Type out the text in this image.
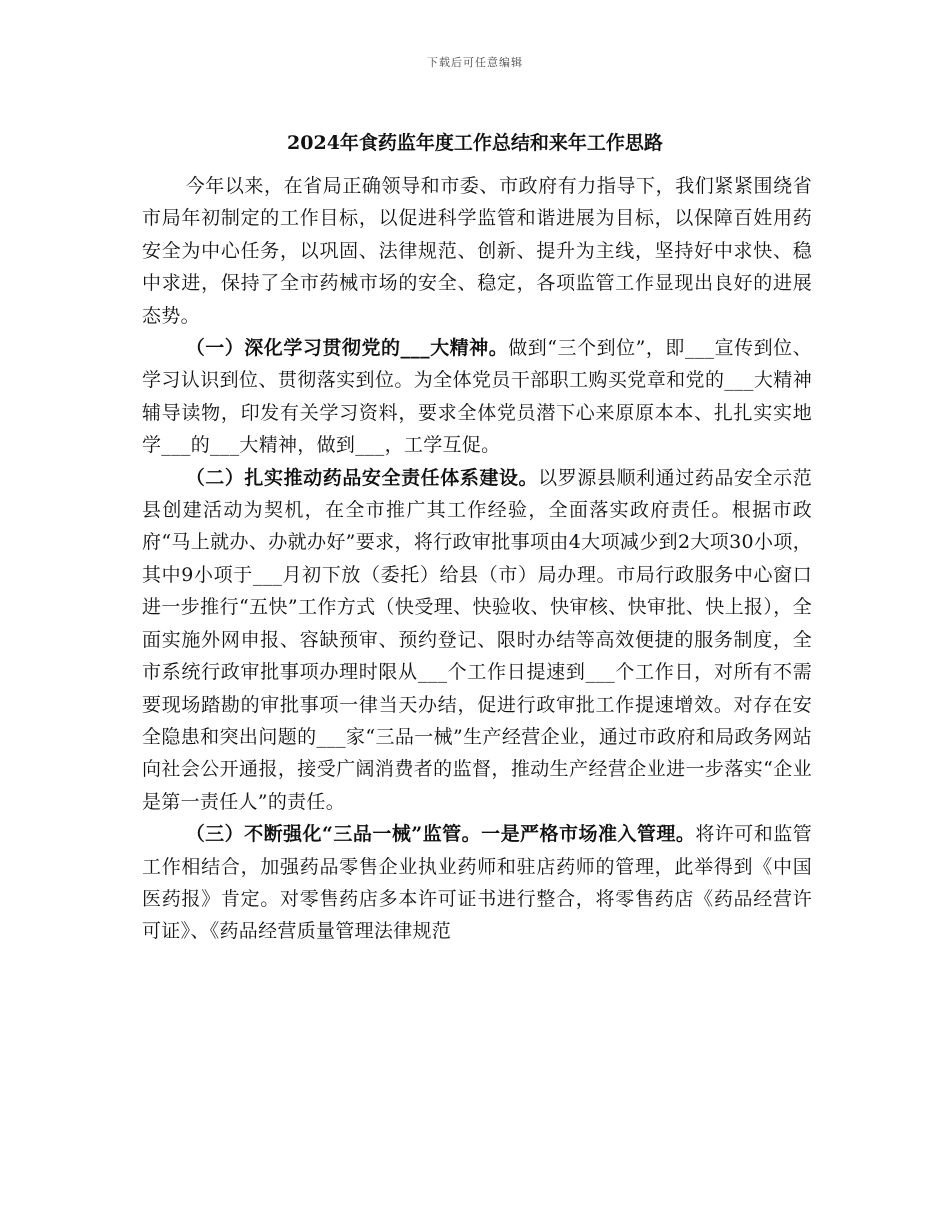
下载后可任意编辑
2024年食药监年度工作总结和来年工作思路

今年以来，在省局正确领导和市委、市政府有力指导下，我们紧紧围绕省市局年初制定的工作目标，以促进科学监管和谐进展为目标，以保障百姓用药安全为中心任务，以巩固、法律规范、创新、提升为主线，坚持好中求快、稳中求进，保持了全市药械市场的安全、稳定，各项监管工作显现出良好的进展态势。

（一）深化学习贯彻党的___大精神。做到“三个到位”，即___宣传到位、学习认识到位、贯彻落实到位。为全体党员干部职工购买党章和党的___大精神辅导读物，印发有关学习资料，要求全体党员潜下心来原原本本、扎扎实实地学___的___大精神，做到___，工学互促。

（二）扎实推动药品安全责任体系建设。以罗源县顺利通过药品安全示范县创建活动为契机，在全市推广其工作经验，全面落实政府责任。根据市政府“马上就办、办就办好”要求，将行政审批事项由4大项减少到2大项30小项，其中9小项于___月初下放（委托）给县（市）局办理。市局行政服务中心窗口进一步推行“五快”工作方式（快受理、快验收、快审核、快审批、快上报），全面实施外网申报、容缺预审、预约登记、限时办结等高效便捷的服务制度，全市系统行政审批事项办理时限从___个工作日提速到___个工作日，对所有不需要现场踏勘的审批事项一律当天办结，促进行政审批工作提速增效。对存在安全隐患和突出问题的___家“三品一械”生产经营企业，通过市政府和局政务网站向社会公开通报，接受广阔消费者的监督，推动生产经营企业进一步落实“企业是第一责任人”的责任。

（三）不断强化“三品一械”监管。一是严格市场准入管理。将许可和监管工作相结合，加强药品零售企业执业药师和驻店药师的管理，此举得到《中国医药报》肯定。对零售药店多本许可证书进行整合，将零售药店《药品经营许可证》、《药品经营质量管理法律规范
